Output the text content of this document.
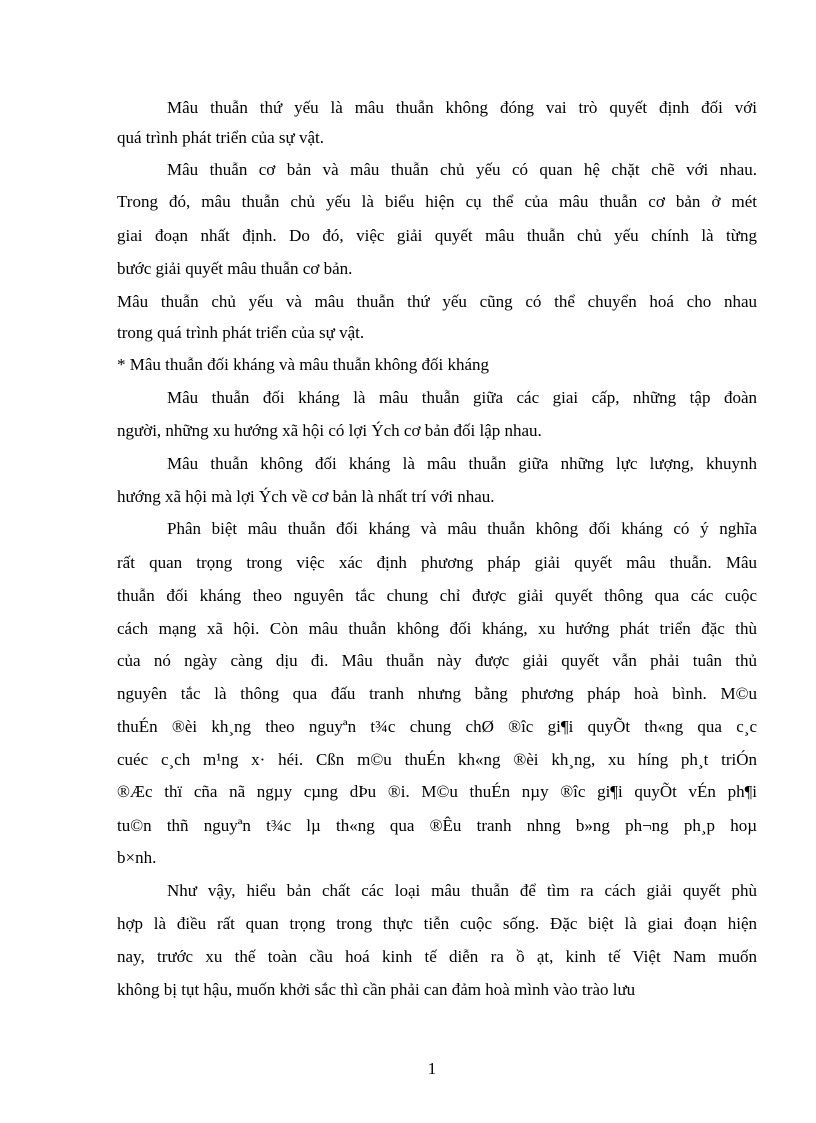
Mâu thuẫn thứ yếu là mâu thuẫn không đóng vai trò quyết định đối với
quá trình phát triển của sự vật.
Mâu thuẫn cơ bản và mâu thuẫn chủ yếu có quan hệ chặt chẽ với nhau.
Trong đó, mâu thuẫn chủ yếu là biểu hiện cụ thể của mâu thuẫn cơ bản ở mét
giai đoạn nhất định. Do đó, việc giải quyết mâu thuẫn chủ yếu chính là từng
bước giải quyết mâu thuẫn cơ bản.
Mâu thuẫn chủ yếu và mâu thuẫn thứ yếu cũng có thể chuyển hoá cho nhau
trong quá trình phát triển của sự vật.
* Mâu thuẫn đối kháng và mâu thuẫn không đối kháng
Mâu thuẫn đối kháng là mâu thuẫn giữa các giai cấp, những tập đoàn
người, những xu hướng xã hội có lợi Ých cơ bản đối lập nhau.
Mâu thuẫn không đối kháng là mâu thuẫn giữa những lực lượng, khuynh
hướng xã hội mà lợi Ých về cơ bản là nhất trí với nhau.
Phân biệt mâu thuẫn đối kháng và mâu thuẫn không đối kháng có ý nghĩa
rất quan trọng trong việc xác định phương pháp giải quyết mâu thuẫn. Mâu
thuẫn đối kháng theo nguyên tắc chung chỉ được giải quyết thông qua các cuộc
cách mạng xã hội. Còn mâu thuẫn không đối kháng, xu hướng phát triển đặc thù
của nó ngày càng dịu đi. Mâu thuẫn này được giải quyết vẫn phải tuân thủ
nguyên tắc là thông qua đấu tranh nhưng bằng phương pháp hoà bình. M©u
thuÉn ®èi kh¸ng theo nguyªn t¾c chung chØ ®îc gi¶i quyÕt th«ng qua c¸c
cuéc c¸ch m¹ng x· héi. Cßn m©u thuÉn kh«ng ®èi kh¸ng, xu híng ph¸t triÓn
®Æc thï cña nã ngµy cµng dÞu ®i. M©u thuÉn nµy ®îc gi¶i quyÕt vÉn ph¶i
tu©n thñ nguyªn t¾c lµ th«ng qua ®Êu tranh nhng b»ng ph¬ng ph¸p hoµ
b×nh.
Như vậy, hiểu bản chất các loại mâu thuẫn để tìm ra cách giải quyết phù
hợp là điều rất quan trọng trong thực tiễn cuộc sống. Đặc biệt là giai đoạn hiện
nay, trước xu thế toàn cầu hoá kinh tế diễn ra ồ ạt, kinh tế Việt Nam muốn
không bị tụt hậu, muốn khởi sắc thì cần phải can đảm hoà mình vào trào lưu
1
